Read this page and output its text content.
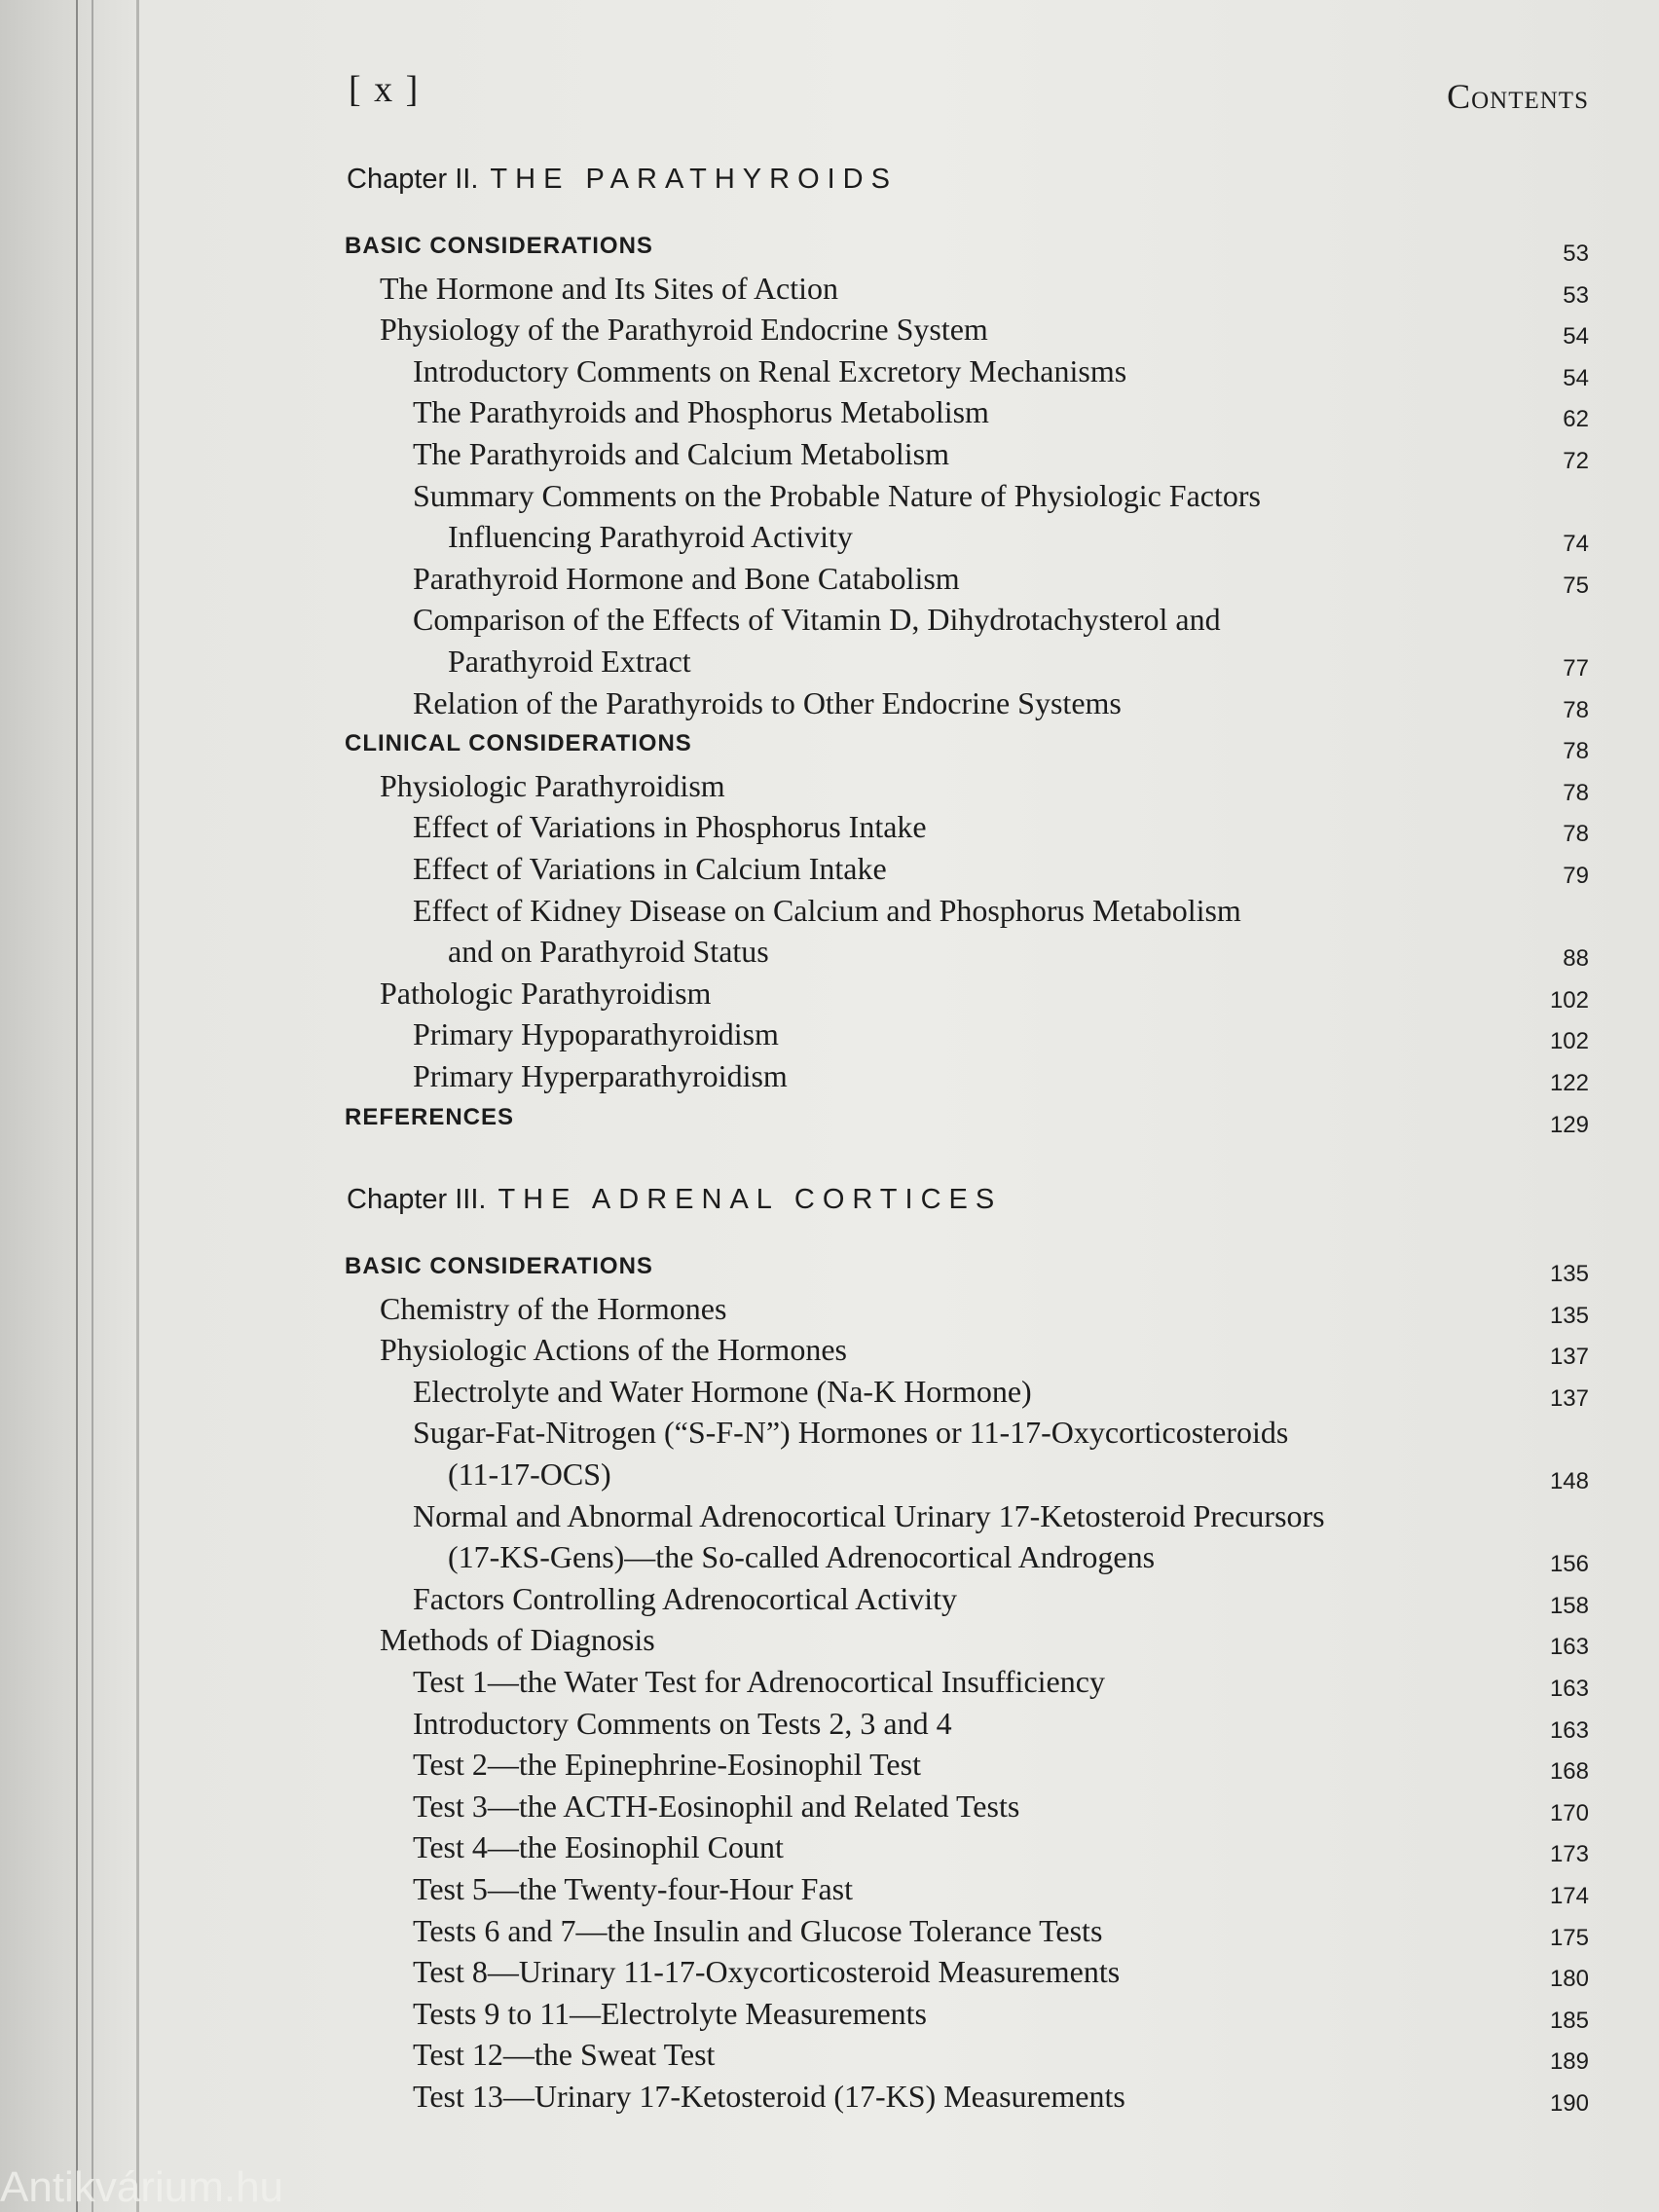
[ x ]	Contents
Chapter II. THE PARATHYROIDS
BASIC CONSIDERATIONS	53
The Hormone and Its Sites of Action	53
Physiology of the Parathyroid Endocrine System	54
Introductory Comments on Renal Excretory Mechanisms	54
The Parathyroids and Phosphorus Metabolism	62
The Parathyroids and Calcium Metabolism	72
Summary Comments on the Probable Nature of Physiologic Factors
Influencing Parathyroid Activity	74
Parathyroid Hormone and Bone Catabolism	75
Comparison of the Effects of Vitamin D, Dihydrotachysterol and
Parathyroid Extract	77
Relation of the Parathyroids to Other Endocrine Systems	78
CLINICAL CONSIDERATIONS	78
Physiologic Parathyroidism	78
Effect of Variations in Phosphorus Intake	78
Effect of Variations in Calcium Intake	79
Effect of Kidney Disease on Calcium and Phosphorus Metabolism
and on Parathyroid Status	88
Pathologic Parathyroidism	102
Primary Hypoparathyroidism	102
Primary Hyperparathyroidism	122
REFERENCES	129
Chapter III. THE ADRENAL CORTICES
BASIC CONSIDERATIONS	135
Chemistry of the Hormones	135
Physiologic Actions of the Hormones	137
Electrolyte and Water Hormone (Na-K Hormone)	137
Sugar-Fat-Nitrogen (“S-F-N”) Hormones or 11-17-Oxycorticosteroids
(11-17-OCS)	148
Normal and Abnormal Adrenocortical Urinary 17-Ketosteroid Precursors
(17-KS-Gens)—the So-called Adrenocortical Androgens	156
Factors Controlling Adrenocortical Activity	158
Methods of Diagnosis	163
Test 1—the Water Test for Adrenocortical Insufficiency	163
Introductory Comments on Tests 2, 3 and 4	163
Test 2—the Epinephrine-Eosinophil Test	168
Test 3—the ACTH-Eosinophil and Related Tests	170
Test 4—the Eosinophil Count	173
Test 5—the Twenty-four-Hour Fast	174
Tests 6 and 7—the Insulin and Glucose Tolerance Tests	175
Test 8—Urinary 11-17-Oxycorticosteroid Measurements	180
Tests 9 to 11—Electrolyte Measurements	185
Test 12—the Sweat Test	189
Test 13—Urinary 17-Ketosteroid (17-KS) Measurements	190
Antikvárium.hu
